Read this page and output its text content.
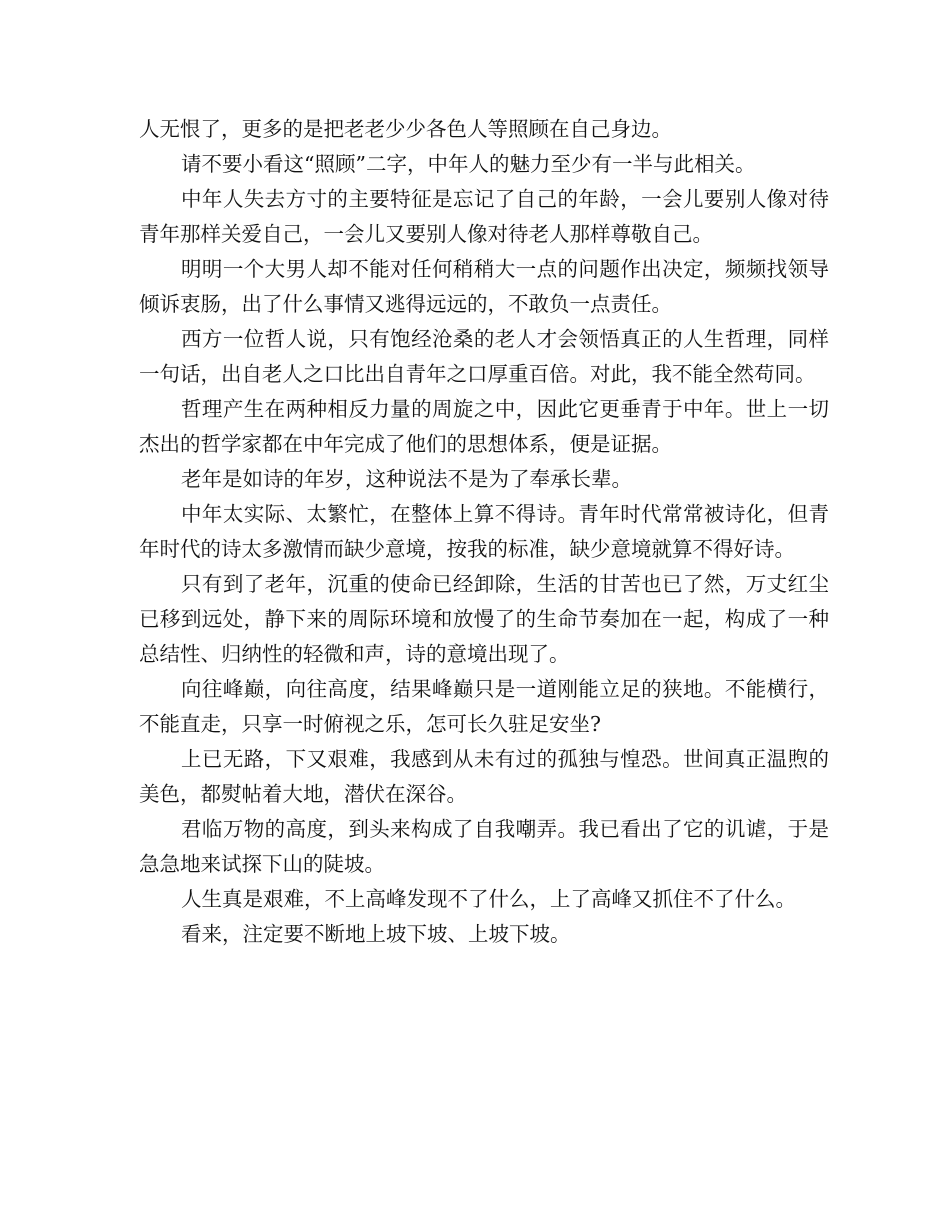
人无恨了，更多的是把老老少少各色人等照顾在自己身边。

请不要小看这“照顾”二字，中年人的魅力至少有一半与此相关。

中年人失去方寸的主要特征是忘记了自己的年龄，一会儿要别人像对待青年那样关爱自己，一会儿又要别人像对待老人那样尊敬自己。

明明一个大男人却不能对任何稍稍大一点的问题作出决定，频频找领导倾诉衷肠，出了什么事情又逃得远远的，不敢负一点责任。

西方一位哲人说，只有饱经沧桑的老人才会领悟真正的人生哲理，同样一句话，出自老人之口比出自青年之口厚重百倍。对此，我不能全然苟同。

哲理产生在两种相反力量的周旋之中，因此它更垂青于中年。世上一切杰出的哲学家都在中年完成了他们的思想体系，便是证据。

老年是如诗的年岁，这种说法不是为了奉承长辈。

中年太实际、太繁忙，在整体上算不得诗。青年时代常常被诗化，但青年时代的诗太多激情而缺少意境，按我的标准，缺少意境就算不得好诗。

只有到了老年，沉重的使命已经卸除，生活的甘苦也已了然，万丈红尘已移到远处，静下来的周际环境和放慢了的生命节奏加在一起，构成了一种总结性、归纳性的轻微和声，诗的意境出现了。

向往峰巅，向往高度，结果峰巅只是一道刚能立足的狭地。不能横行，不能直走，只享一时俯视之乐，怎可长久驻足安坐?

上已无路，下又艰难，我感到从未有过的孤独与惶恐。世间真正温煦的美色，都熨帖着大地，潜伏在深谷。

君临万物的高度，到头来构成了自我嘲弄。我已看出了它的讥谑，于是急急地来试探下山的陡坡。

人生真是艰难，不上高峰发现不了什么，上了高峰又抓住不了什么。

看来，注定要不断地上坡下坡、上坡下坡。
